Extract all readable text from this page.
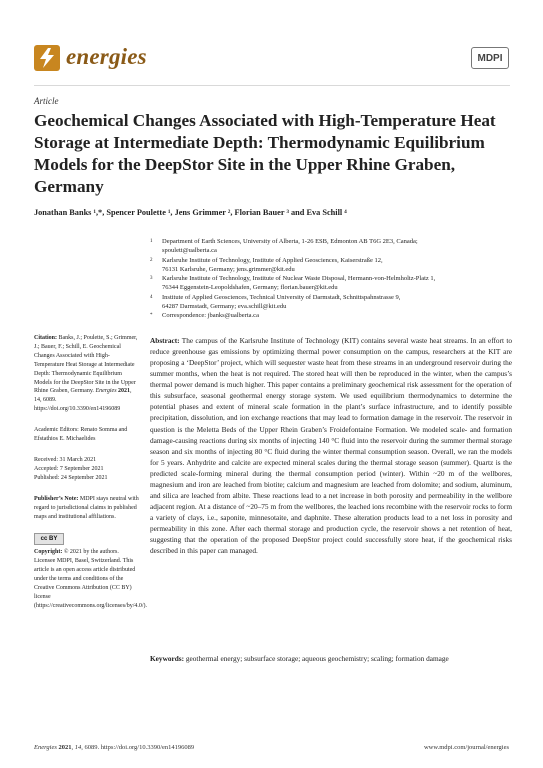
energies	MDPI
Article
Geochemical Changes Associated with High-Temperature Heat Storage at Intermediate Depth: Thermodynamic Equilibrium Models for the DeepStor Site in the Upper Rhine Graben, Germany
Jonathan Banks ¹,*, Spencer Poulette ¹, Jens Grimmer ², Florian Bauer ³ and Eva Schill ⁴
1 Department of Earth Sciences, University of Alberta, 1-26 ESB, Edmonton AB T6G 2E3, Canada;
spoulett@ualberta.ca
2 Karlsruhe Institute of Technology, Institute of Applied Geosciences, Kaiserstraße 12,
76131 Karlsruhe, Germany; jens.grimmer@kit.edu
3 Karlsruhe Institute of Technology, Institute of Nuclear Waste Disposal, Hermann-von-Helmholtz-Platz 1,
76344 Eggenstein-Leopoldshafen, Germany; florian.bauer@kit.edu
4 Institute of Applied Geosciences, Technical University of Darmstadt, Schnittspahnstrasse 9,
64287 Darmstadt, Germany; eva.schill@kit.edu
* Correspondence: jbanks@ualberta.ca

Citation: Banks, J.; Poulette, S.; Grimmer, J.; Bauer, F.; Schill, E. Geochemical Changes Associated with High-Temperature Heat Storage at Intermediate Depth: Thermodynamic Equilibrium Models for the DeepStor Site in the Upper Rhine Graben, Germany. Energies 2021, 14, 6089. https://doi.org/10.3390/en14196089

Academic Editors: Renato Somma and Efstathios E. Michaelides

Received: 31 March 2021

Accepted: 7 September 2021

Published: 24 September 2021

Publisher’s Note: MDPI stays neutral with regard to jurisdictional claims in published maps and institutional affiliations.

cc BY

Copyright: © 2021 by the authors. Licensee MDPI, Basel, Switzerland. This article is an open access article distributed under the terms and conditions of the Creative Commons Attribution (CC BY) license (https://creativecommons.org/licenses/by/4.0/).

Abstract: The campus of the Karlsruhe Institute of Technology (KIT) contains several waste heat streams. In an effort to reduce greenhouse gas emissions by optimizing thermal power consumption on the campus, researchers at the KIT are proposing a ‘DeepStor’ project, which will sequester waste heat from these streams in an underground reservoir during the summer months, when the heat is not required. The stored heat will then be reproduced in the winter, when the campus’s thermal power demand is much higher. This paper contains a preliminary geochemical risk assessment for the operation of this subsurface, seasonal geothermal energy storage system. We used equilibrium thermodynamics to determine the potential phases and extent of mineral scale formation in the plant’s surface infrastructure, and to identify possible precipitation, dissolution, and ion exchange reactions that may lead to formation damage in the reservoir. The reservoir in question is the Meletta Beds of the Upper Rhein Graben’s Froidefontaine Formation. We modeled scale- and formation damage-causing reactions during six months of injecting 140 °C fluid into the reservoir during the summer thermal storage season and six months of injecting 80 °C fluid during the winter thermal consumption season. Overall, we ran the models for 5 years. Anhydrite and calcite are expected mineral scales during the thermal storage season (summer). Quartz is the predicted scale-forming mineral during the thermal consumption period (winter). Within ~20 m of the wellbores, magnesium and iron are leached from biotite; calcium and magnesium are leached from dolomite; and sodium, aluminum, and silica are leached from albite. These reactions lead to a net increase in both porosity and permeability in the wellbore adjacent region. At a distance of ~20–75 m from the wellbores, the leached ions recombine with the reservoir rocks to form a variety of clays, i.e., saponite, minnesotaite, and daphnite. These alteration products lead to a net loss in porosity and permeability in this zone. After each thermal storage and production cycle, the reservoir shows a net retention of heat, suggesting that the operation of the proposed DeepStor project could successfully store heat, if the geochemical risks described in this paper can managed.

Keywords: geothermal energy; subsurface storage; aqueous geochemistry; scaling; formation damage

Energies 2021, 14, 6089. https://doi.org/10.3390/en14196089	www.mdpi.com/journal/energies
